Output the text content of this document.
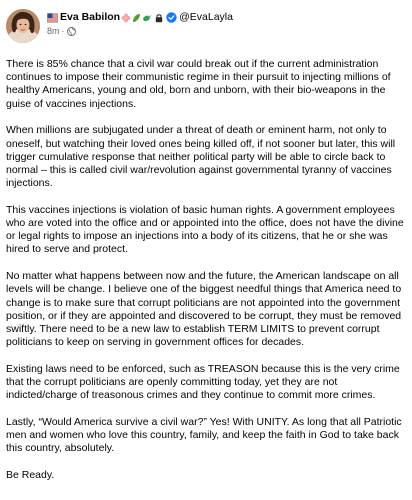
Eva Babilon	@EvaLayla
8m ·

There is 85% chance that a civil war could break out if the current administration continues to impose their communistic regime in their pursuit to injecting millions of healthy Americans, young and old, born and unborn, with their bio-weapons in the guise of vaccines injections.

When millions are subjugated under a threat of death or eminent harm, not only to oneself, but watching their loved ones being killed off, if not sooner but later, this will trigger cumulative response that neither political party will be able to circle back to normal – this is called civil war/revolution against governmental tyranny of vaccines injections.

This vaccines injections is violation of basic human rights. A government employees who are voted into the office and or appointed into the office, does not have the divine or legal rights to impose an injections into a body of its citizens, that he or she was hired to serve and protect.

No matter what happens between now and the future, the American landscape on all levels will be change. I believe one of the biggest needful things that America need to change is to make sure that corrupt politicians are not appointed into the government position, or if they are appointed and discovered to be corrupt, they must be removed swiftly. There need to be a new law to establish TERM LIMITS to prevent corrupt politicians to keep on serving in government offices for decades.

Existing laws need to be enforced, such as TREASON because this is the very crime that the corrupt politicians are openly committing today, yet they are not indicted/charge of treasonous crimes and they continue to commit more crimes.

Lastly, “Would America survive a civil war?” Yes! With UNITY. As long that all Patriotic men and women who love this country, family, and keep the faith in God to take back this country, absolutely.

Be Ready.
